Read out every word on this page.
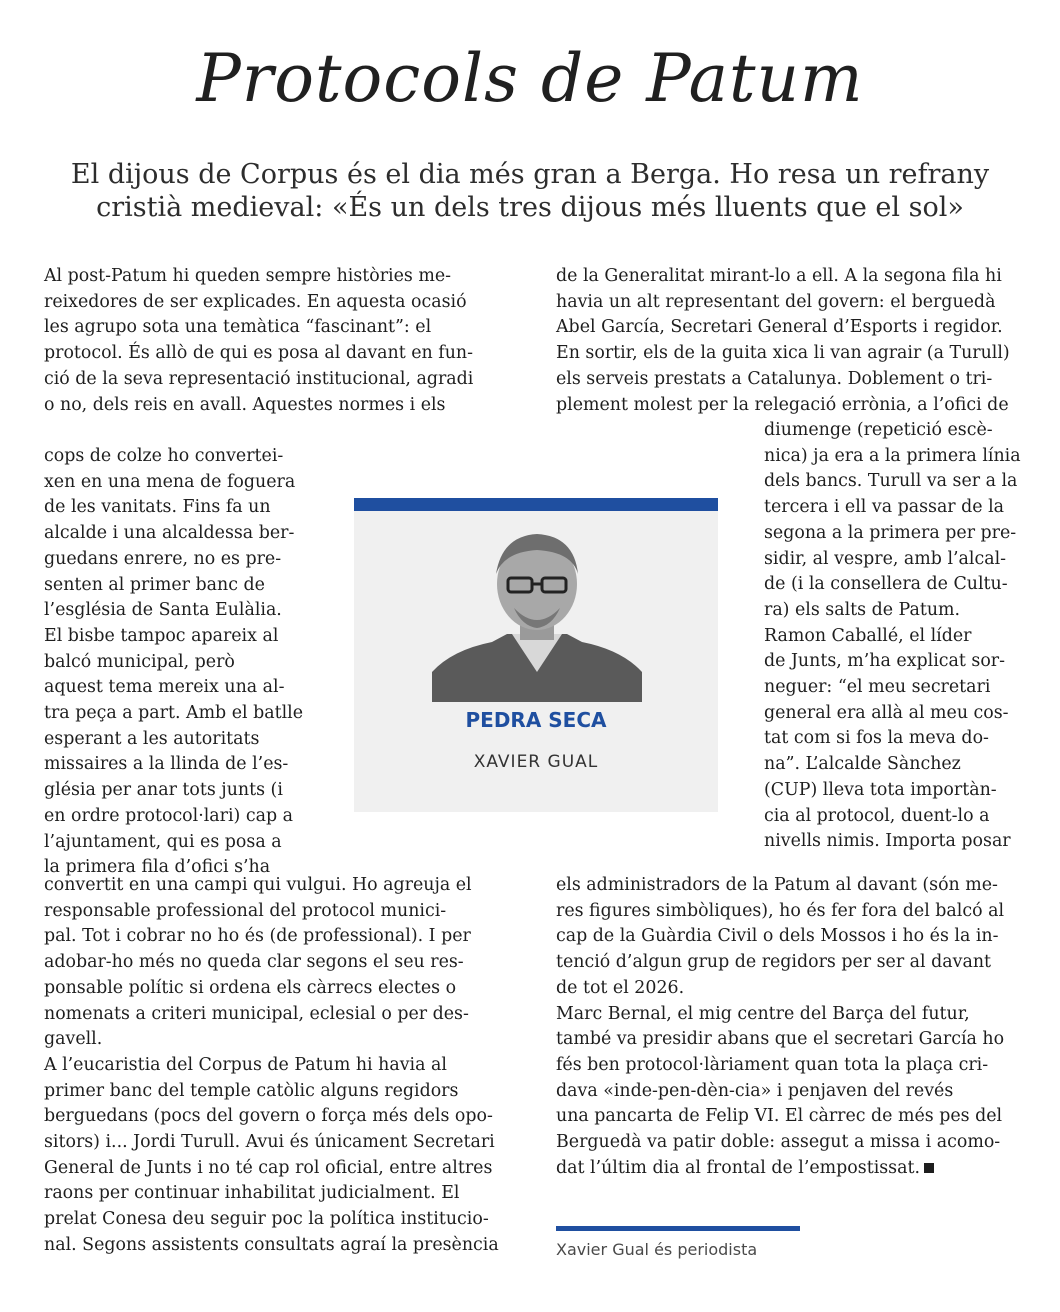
Protocols de Patum
El dijous de Corpus és el dia més gran a Berga. Ho resa un refrany
cristià medieval: «És un dels tres dijous més lluents que el sol»
Al post-Patum hi queden sempre històries me-
reixedores de ser explicades. En aquesta ocasió
les agrupo sota una temàtica “fascinant”: el
protocol. És allò de qui es posa al davant en fun-
ció de la seva representació institucional, agradi
o no, dels reis en avall. Aquestes normes i els
cops de colze ho convertei-
xen en una mena de foguera
de les vanitats. Fins fa un
alcalde i una alcaldessa ber-
guedans enrere, no es pre-
senten al primer banc de
l’església de Santa Eulàlia.
El bisbe tampoc apareix al
balcó municipal, però
aquest tema mereix una al-
tra peça a part. Amb el batlle
esperant a les autoritats
missaires a la llinda de l’es-
glésia per anar tots junts (i
en ordre protocol·lari) cap a
l’ajuntament, qui es posa a
la primera fila d’ofici s’ha
convertit en una campi qui vulgui. Ho agreuja el
responsable professional del protocol munici-
pal. Tot i cobrar no ho és (de professional). I per
adobar-ho més no queda clar segons el seu res-
ponsable polític si ordena els càrrecs electes o
nomenats a criteri municipal, eclesial o per des-
gavell.
A l’eucaristia del Corpus de Patum hi havia al
primer banc del temple catòlic alguns regidors
berguedans (pocs del govern o força més dels opo-
sitors) i... Jordi Turull. Avui és únicament Secretari
General de Junts i no té cap rol oficial, entre altres
raons per continuar inhabilitat judicialment. El
prelat Conesa deu seguir poc la política institucio-
nal. Segons assistents consultats agraí la presència
de la Generalitat mirant-lo a ell. A la segona fila hi
havia un alt representant del govern: el berguedà
Abel García, Secretari General d’Esports i regidor.
En sortir, els de la guita xica li van agrair (a Turull)
els serveis prestats a Catalunya. Doblement o tri-
plement molest per la relegació errònia, a l’ofici de
diumenge (repetició escè-
nica) ja era a la primera línia
dels bancs. Turull va ser a la
tercera i ell va passar de la
segona a la primera per pre-
sidir, al vespre, amb l’alcal-
de (i la consellera de Cultu-
ra) els salts de Patum.
Ramon Caballé, el líder
de Junts, m’ha explicat sor-
neguer: “el meu secretari
general era allà al meu cos-
tat com si fos la meva do-
na”. L’alcalde Sànchez
(CUP) lleva tota importàn-
cia al protocol, duent-lo a
nivells nimis. Importa posar
els administradors de la Patum al davant (són me-
res figures simbòliques), ho és fer fora del balcó al
cap de la Guàrdia Civil o dels Mossos i ho és la in-
tenció d’algun grup de regidors per ser al davant
de tot el 2026.
Marc Bernal, el mig centre del Barça del futur,
també va presidir abans que el secretari García ho
fés ben protocol·làriament quan tota la plaça cri-
dava «inde-pen-dèn-cia» i penjaven del revés
una pancarta de Felip VI. El càrrec de més pes del
Berguedà va patir doble: assegut a missa i acomo-
dat l’últim dia al frontal de l’empostissat.
PEDRA SECA
XAVIER GUAL
Xavier Gual és periodista
